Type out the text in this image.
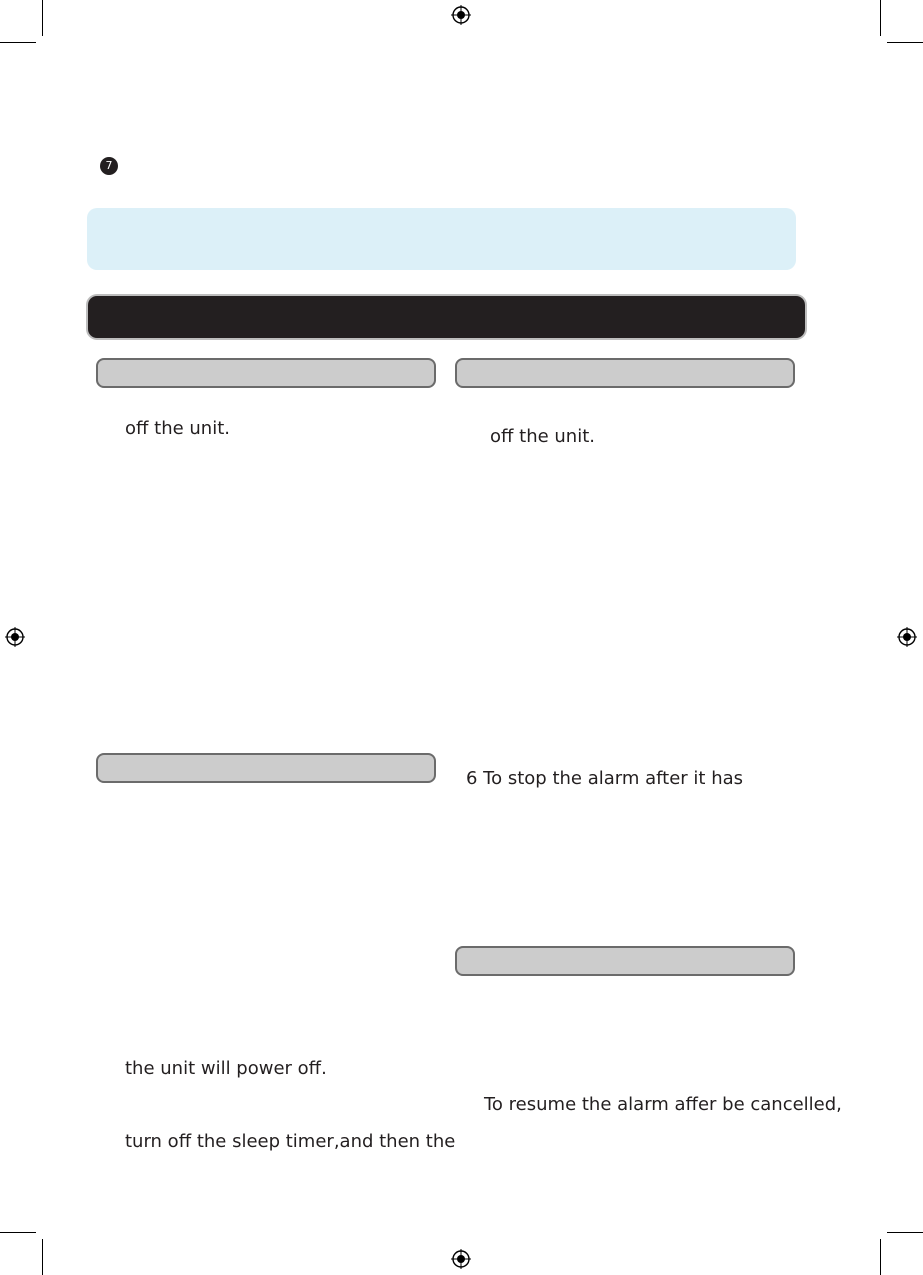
7
off the unit.
the unit will power off.
turn off the sleep timer,and then the
off the unit.
6 To stop the alarm after it has
To resume the alarm affer be cancelled,
